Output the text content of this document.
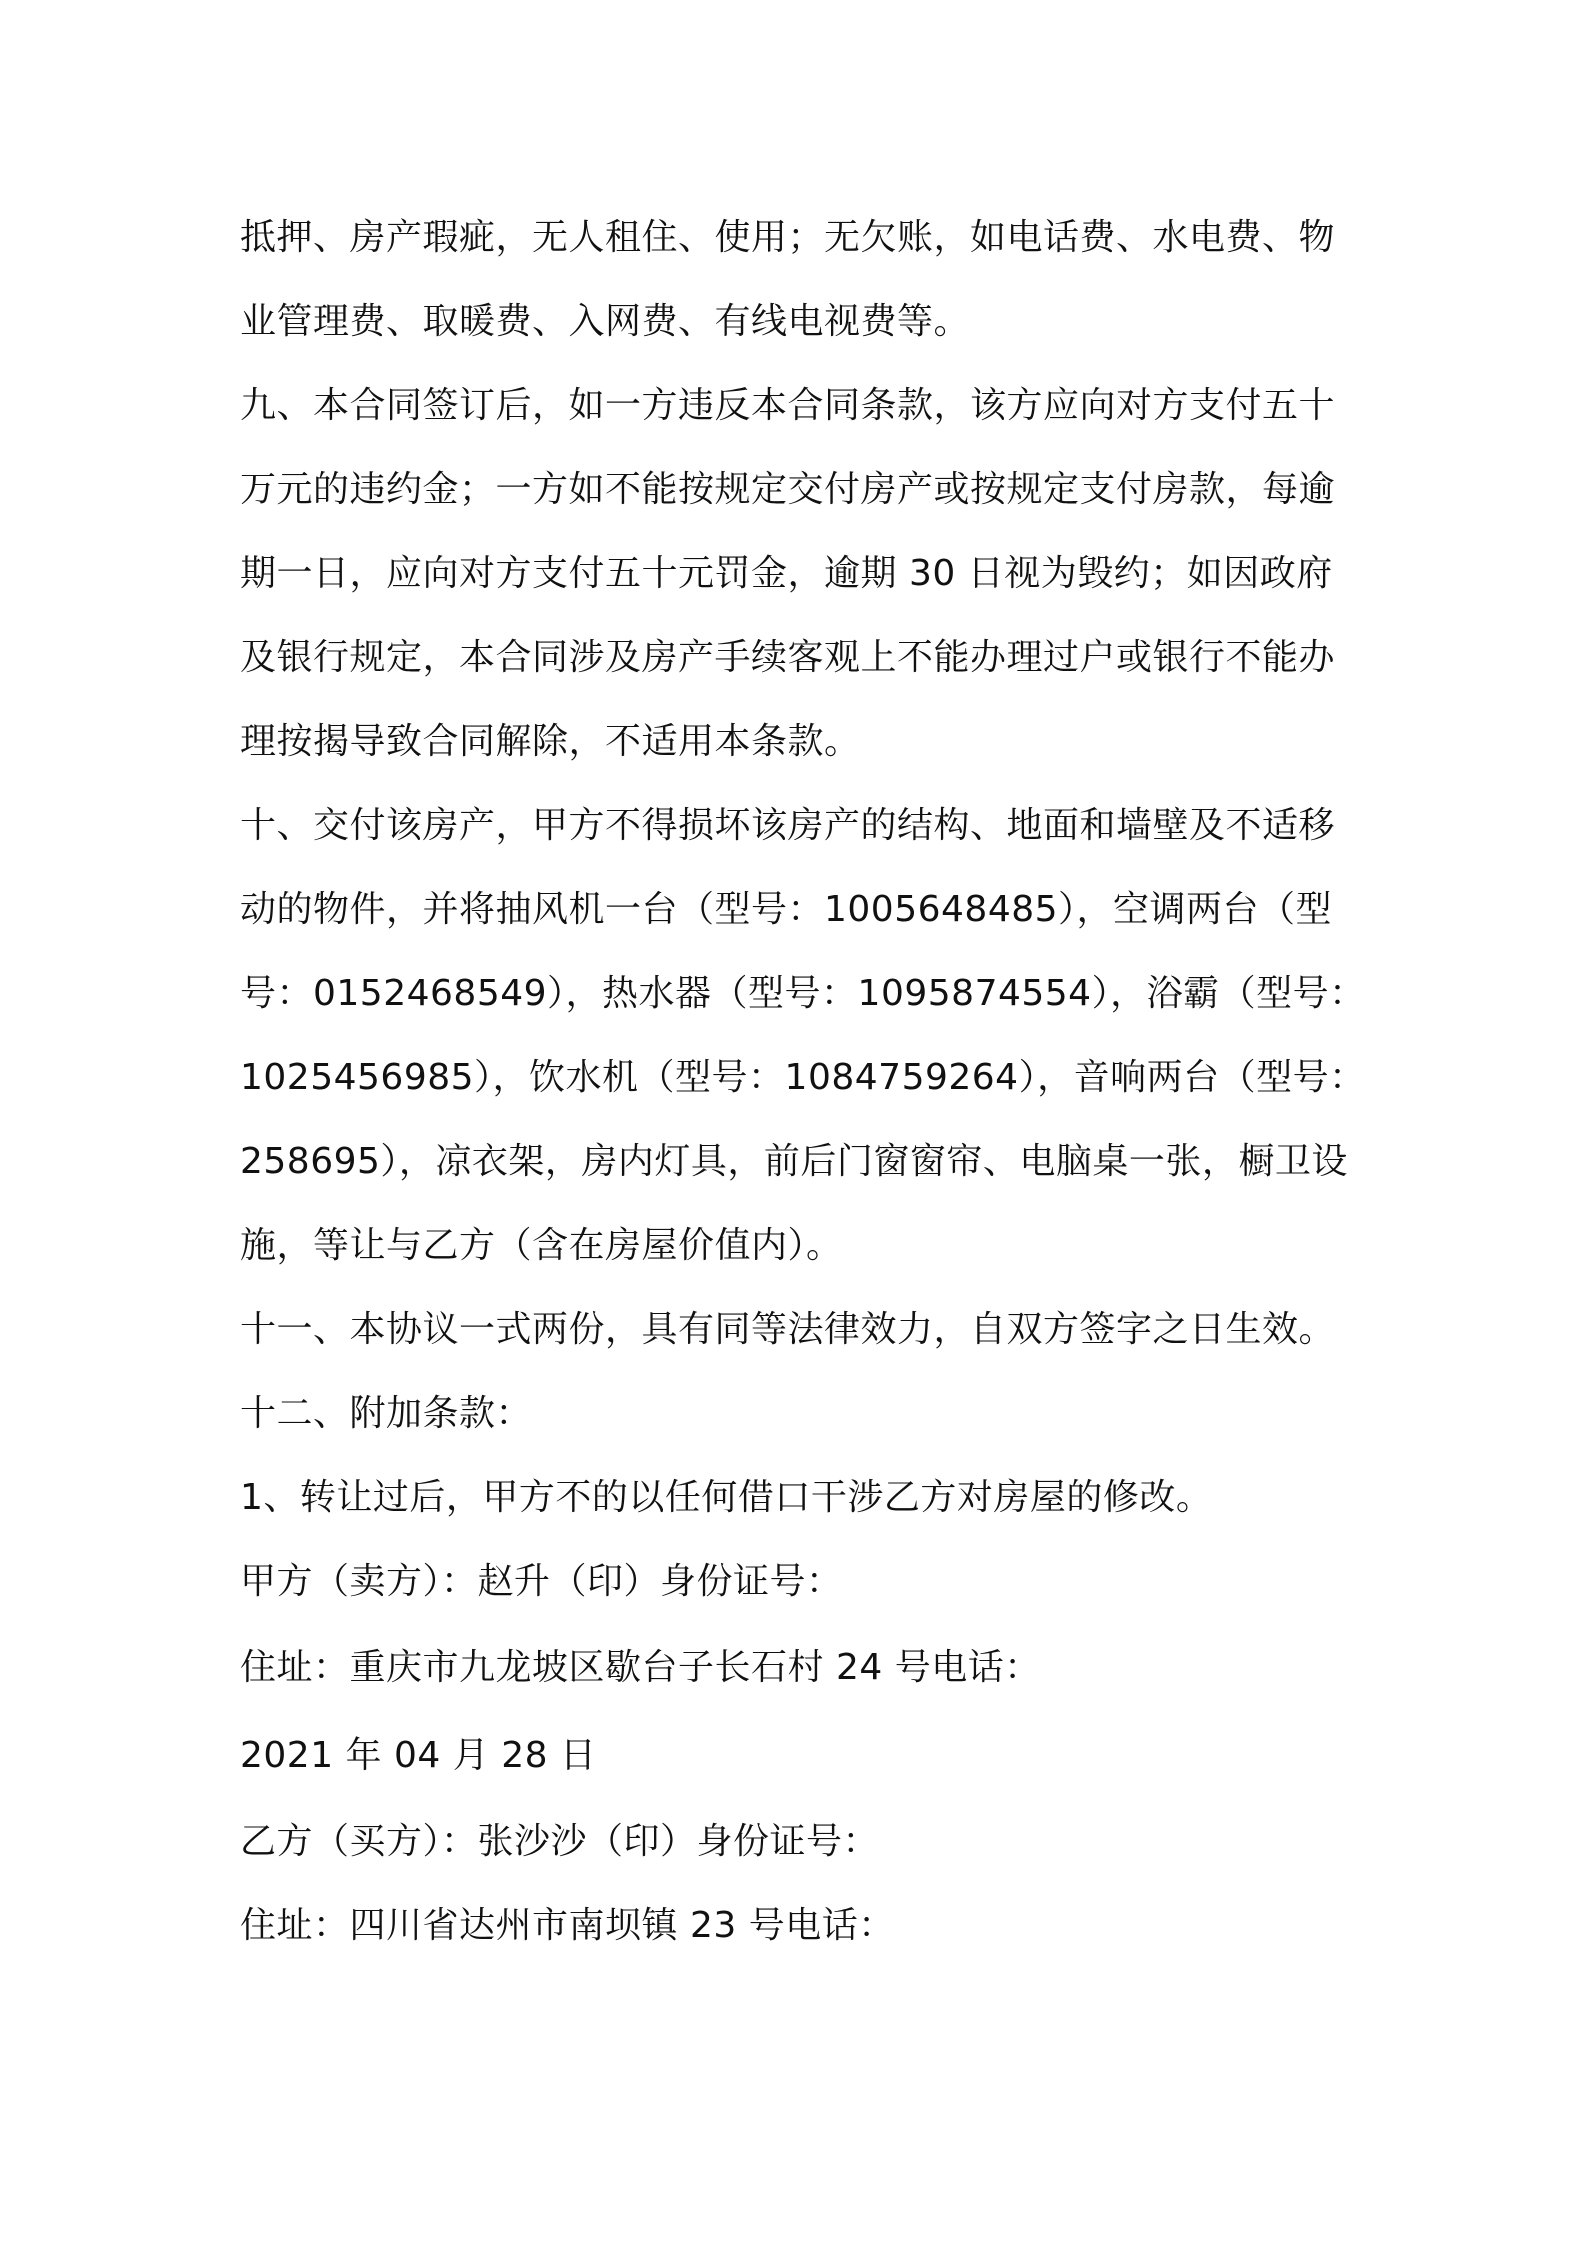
抵押、房产瑕疵，无人租住、使用；无欠账，如电话费、水电费、物
业管理费、取暖费、入网费、有线电视费等。
九、本合同签订后，如一方违反本合同条款，该方应向对方支付五十
万元的违约金；一方如不能按规定交付房产或按规定支付房款，每逾
期一日，应向对方支付五十元罚金，逾期 30 日视为毁约；如因政府
及银行规定，本合同涉及房产手续客观上不能办理过户或银行不能办
理按揭导致合同解除，不适用本条款。
十、交付该房产，甲方不得损坏该房产的结构、地面和墙壁及不适移
动的物件，并将抽风机一台（型号：1005648485），空调两台（型
号：0152468549），热水器（型号：1095874554），浴霸（型号：
1025456985），饮水机（型号：1084759264），音响两台（型号：
258695），凉衣架，房内灯具，前后门窗窗帘、电脑桌一张，橱卫设
施，等让与乙方（含在房屋价值内）。
十一、本协议一式两份，具有同等法律效力，自双方签字之日生效。
十二、附加条款：
1、转让过后，甲方不的以任何借口干涉乙方对房屋的修改。
甲方（卖方）：赵升（印）身份证号：
住址：重庆市九龙坡区歇台子长石村 24 号电话：
2021 年 04 月 28 日
乙方（买方）：张沙沙（印）身份证号：
住址：四川省达州市南坝镇 23 号电话：
